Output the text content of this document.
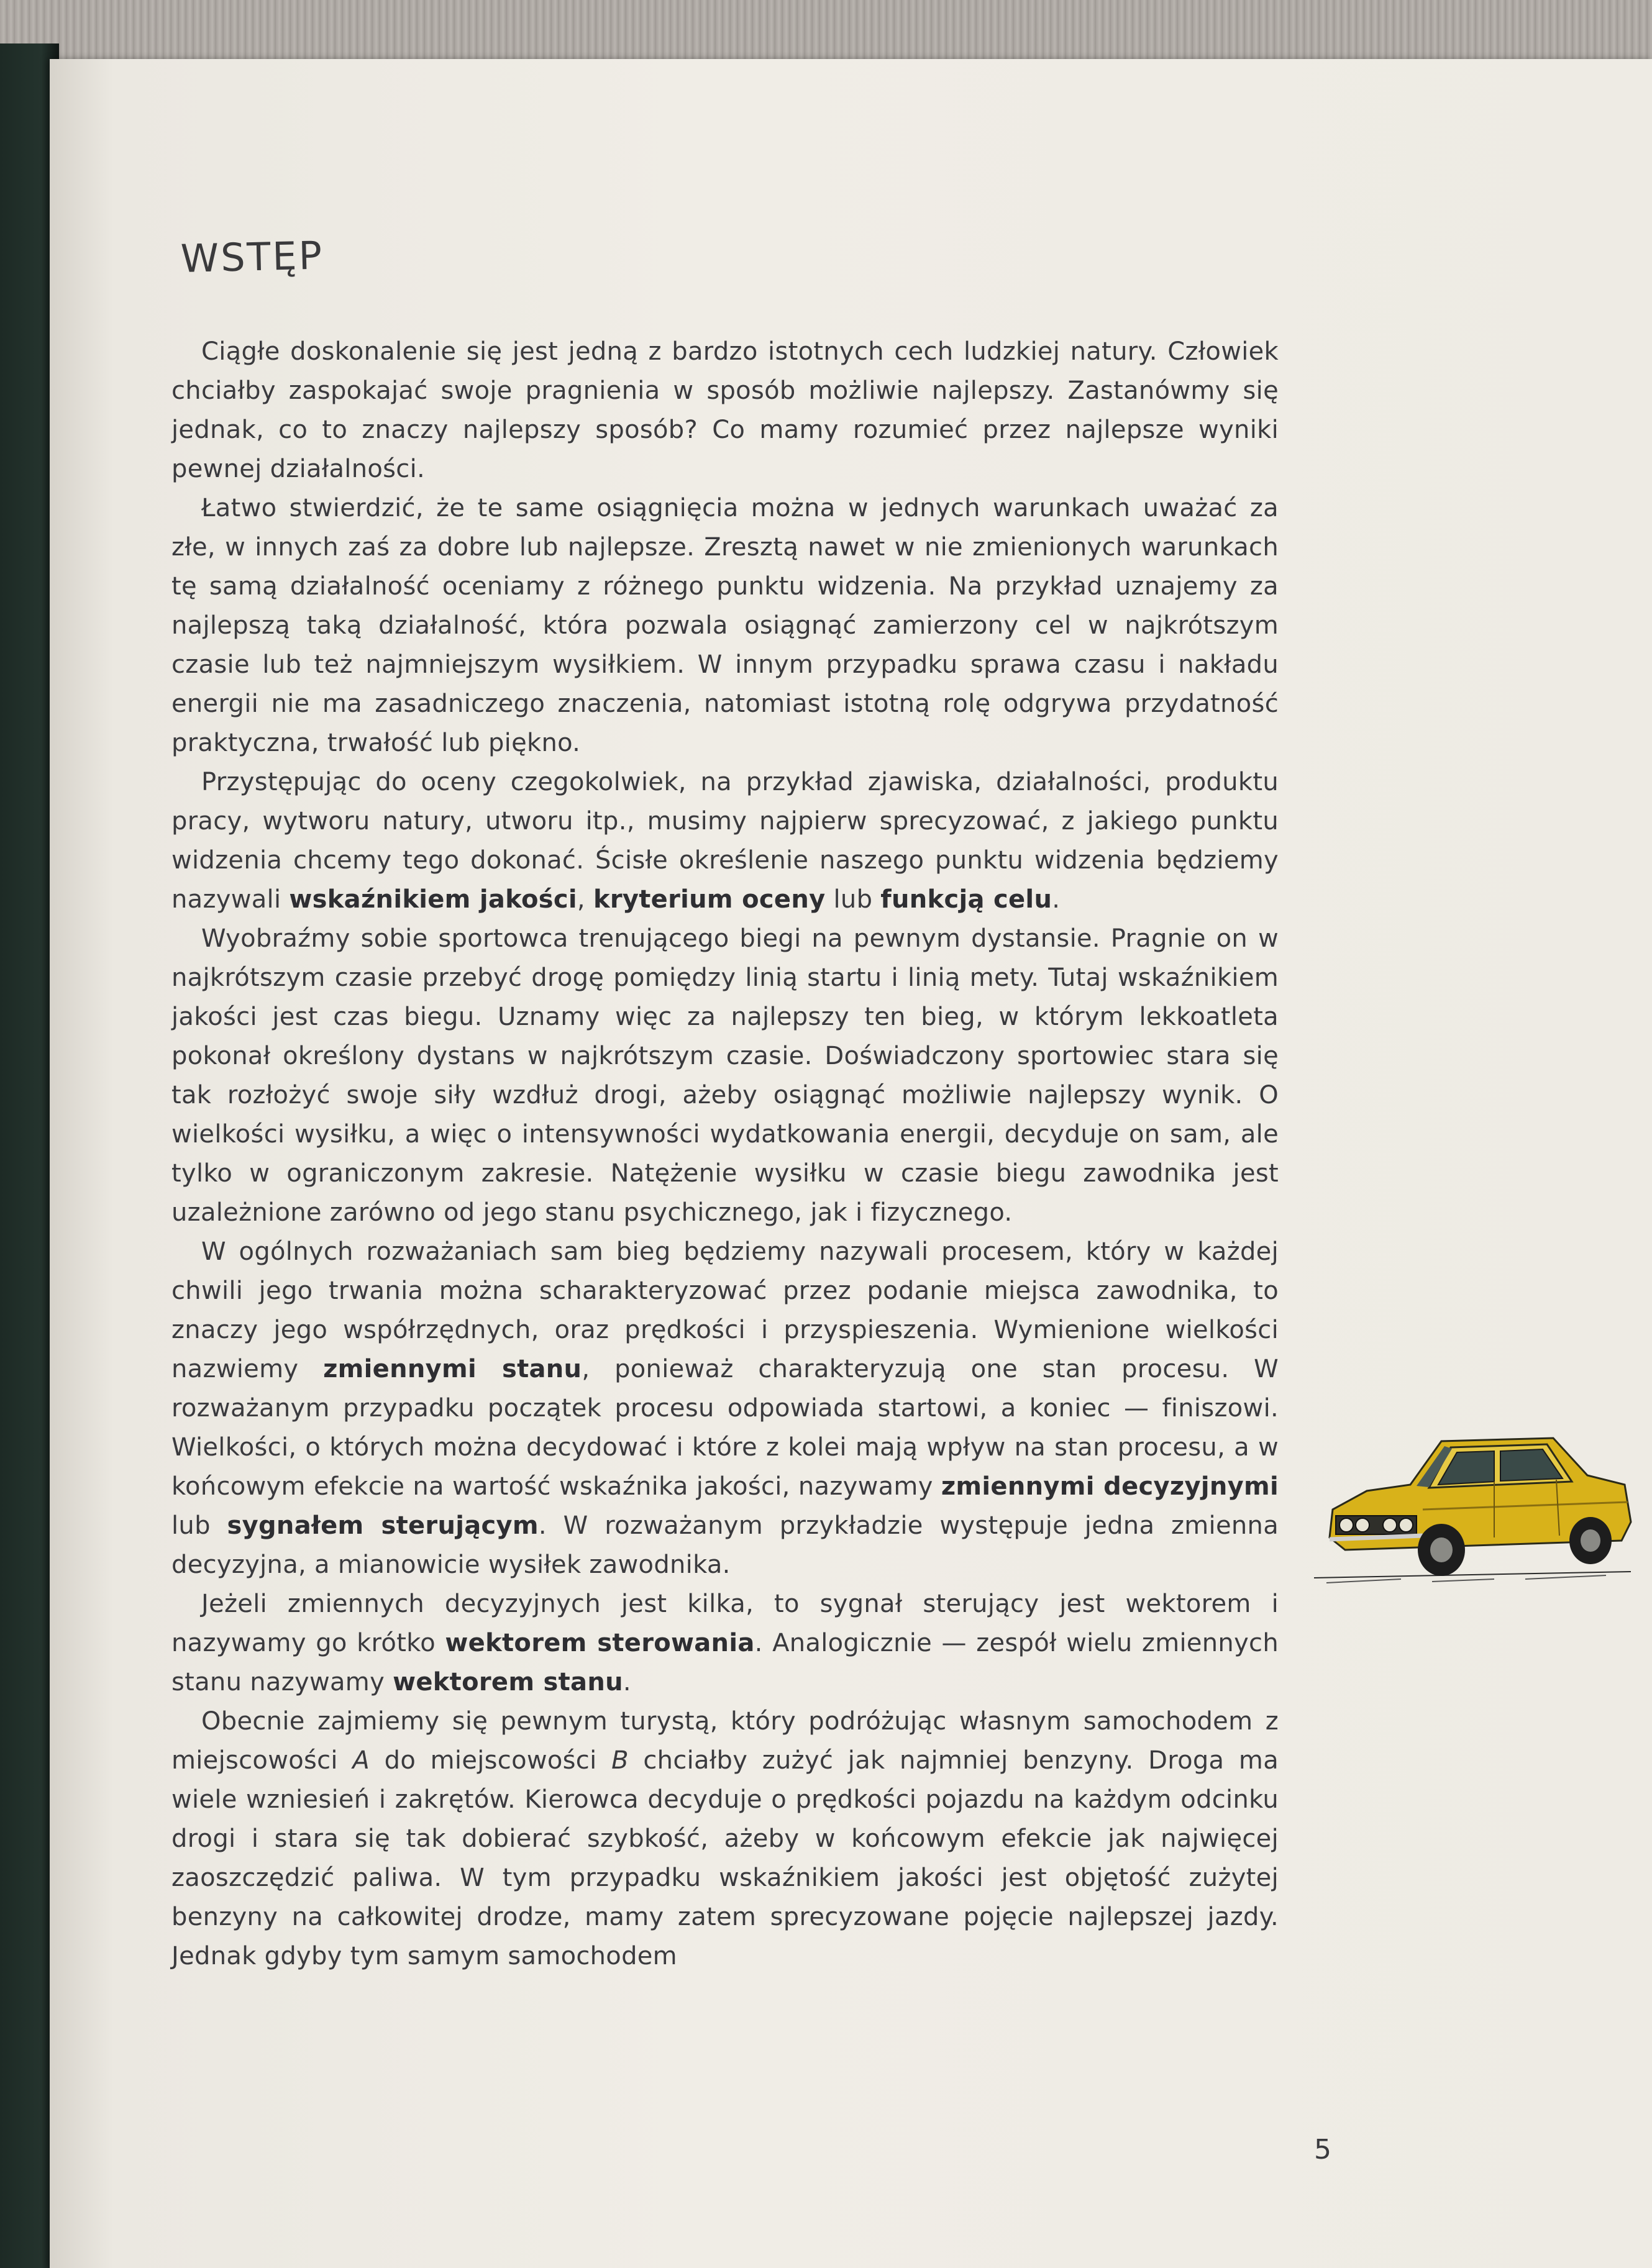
WSTĘP

Ciągłe doskonalenie się jest jedną z bardzo istotnych cech ludzkiej natury. Człowiek chciałby zaspokajać swoje pragnienia w sposób możliwie najlepszy. Zastanówmy się jednak, co to znaczy najlepszy sposób? Co mamy rozumieć przez najlepsze wyniki pewnej działalności.

Łatwo stwierdzić, że te same osiągnięcia można w jednych warunkach uważać za złe, w innych zaś za dobre lub najlepsze. Zresztą nawet w nie zmienionych warunkach tę samą działalność oceniamy z różnego punktu widzenia. Na przykład uznajemy za najlepszą taką działalność, która pozwala osiągnąć zamierzony cel w najkrótszym czasie lub też najmniejszym wysiłkiem. W innym przypadku sprawa czasu i nakładu energii nie ma zasadniczego znaczenia, natomiast istotną rolę odgrywa przydatność praktyczna, trwałość lub piękno.

Przystępując do oceny czegokolwiek, na przykład zjawiska, działalności, produktu pracy, wytworu natury, utworu itp., musimy najpierw sprecyzować, z jakiego punktu widzenia chcemy tego dokonać. Ścisłe określenie naszego punktu widzenia będziemy nazywali wskaźnikiem jakości, kryterium oceny lub funkcją celu.

Wyobraźmy sobie sportowca trenującego biegi na pewnym dystansie. Pragnie on w najkrótszym czasie przebyć drogę pomiędzy linią startu i linią mety. Tutaj wskaźnikiem jakości jest czas biegu. Uznamy więc za najlepszy ten bieg, w którym lekkoatleta pokonał określony dystans w najkrótszym czasie. Doświadczony sportowiec stara się tak rozłożyć swoje siły wzdłuż drogi, ażeby osiągnąć możliwie najlepszy wynik. O wielkości wysiłku, a więc o intensywności wydatkowania energii, decyduje on sam, ale tylko w ograniczonym zakresie. Natężenie wysiłku w czasie biegu zawodnika jest uzależnione zarówno od jego stanu psychicznego, jak i fizycznego.

W ogólnych rozważaniach sam bieg będziemy nazywali procesem, który w każdej chwili jego trwania można scharakteryzować przez podanie miejsca zawodnika, to znaczy jego współrzędnych, oraz prędkości i przyspieszenia. Wymienione wielkości nazwiemy zmiennymi stanu, ponieważ charakteryzują one stan procesu. W rozważanym przypadku początek procesu odpowiada startowi, a koniec — finiszowi. Wielkości, o których można decydować i które z kolei mają wpływ na stan procesu, a w końcowym efekcie na wartość wskaźnika jakości, nazywamy zmiennymi decyzyjnymi lub sygnałem sterującym. W rozważanym przykładzie występuje jedna zmienna decyzyjna, a mianowicie wysiłek zawodnika.

Jeżeli zmiennych decyzyjnych jest kilka, to sygnał sterujący jest wektorem i nazywamy go krótko wektorem sterowania. Analogicznie — zespół wielu zmiennych stanu nazywamy wektorem stanu.

Obecnie zajmiemy się pewnym turystą, który podróżując własnym samochodem z miejscowości A do miejscowości B chciałby zużyć jak najmniej benzyny. Droga ma wiele wzniesień i zakrętów. Kierowca decyduje o prędkości pojazdu na każdym odcinku drogi i stara się tak dobierać szybkość, ażeby w końcowym efekcie jak najwięcej zaoszczędzić paliwa. W tym przypadku wskaźnikiem jakości jest objętość zużytej benzyny na całkowitej drodze, mamy zatem sprecyzowane pojęcie najlepszej jazdy. Jednak gdyby tym samym samochodem

5
